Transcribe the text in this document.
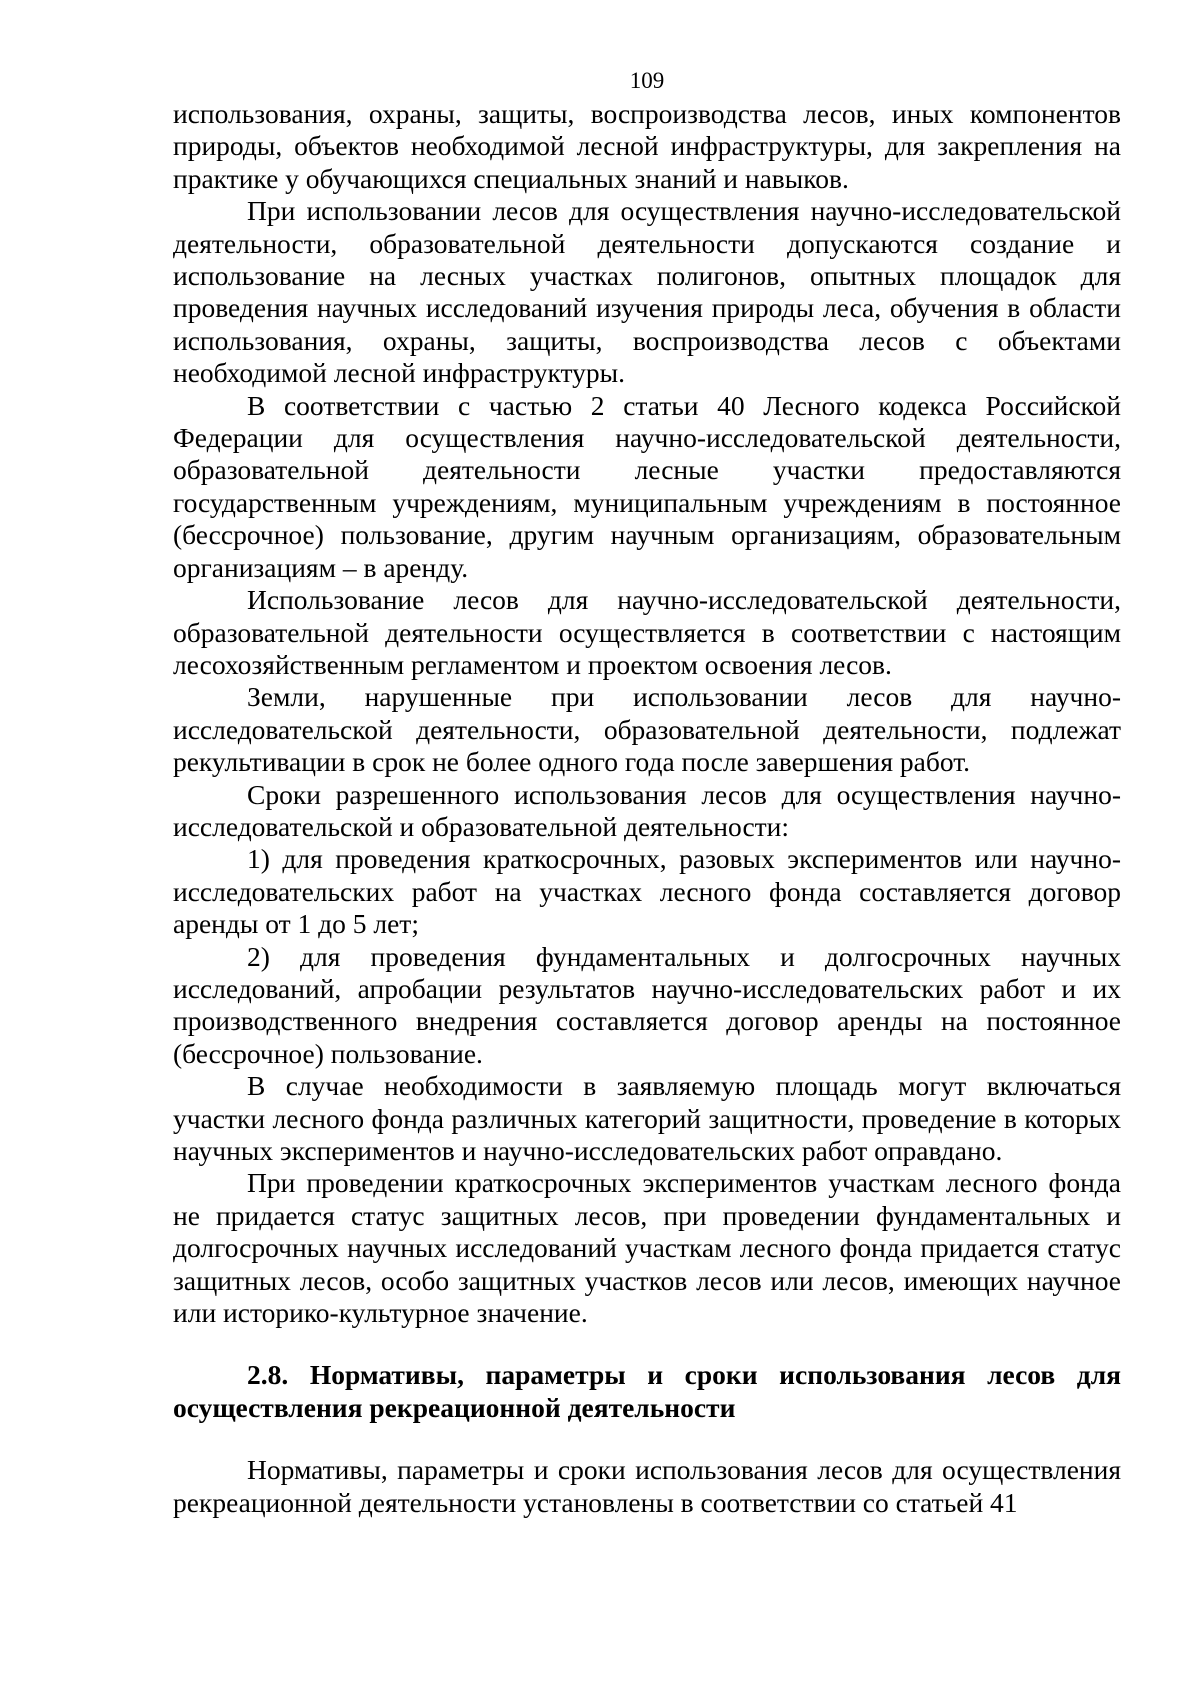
109

использования, охраны, защиты, воспроизводства лесов, иных компонентов природы, объектов необходимой лесной инфраструктуры, для закрепления на практике у обучающихся специальных знаний и навыков.

При использовании лесов для осуществления научно-исследовательской деятельности, образовательной деятельности допускаются создание и использование на лесных участках полигонов, опытных площадок для проведения научных исследований изучения природы леса, обучения в области использования, охраны, защиты, воспроизводства лесов с объектами необходимой лесной инфраструктуры.

В соответствии с частью 2 статьи 40 Лесного кодекса Российской Федерации для осуществления научно-исследовательской деятельности, образовательной деятельности лесные участки предоставляются государственным учреждениям, муниципальным учреждениям в постоянное (бессрочное) пользование, другим научным организациям, образовательным организациям – в аренду.

Использование лесов для научно-исследовательской деятельности, образовательной деятельности осуществляется в соответствии с настоящим лесохозяйственным регламентом и проектом освоения лесов.

Земли, нарушенные при использовании лесов для научно-исследовательской деятельности, образовательной деятельности, подлежат рекультивации в срок не более одного года после завершения работ.

Сроки разрешенного использования лесов для осуществления научно-исследовательской и образовательной деятельности:

1) для проведения краткосрочных, разовых экспериментов или научно-исследовательских работ на участках лесного фонда составляется договор аренды от 1 до 5 лет;

2) для проведения фундаментальных и долгосрочных научных исследований, апробации результатов научно-исследовательских работ и их производственного внедрения составляется договор аренды на постоянное (бессрочное) пользование.

В случае необходимости в заявляемую площадь могут включаться участки лесного фонда различных категорий защитности, проведение в которых научных экспериментов и научно-исследовательских работ оправдано.

При проведении краткосрочных экспериментов участкам лесного фонда не придается статус защитных лесов, при проведении фундаментальных и долгосрочных научных исследований участкам лесного фонда придается статус защитных лесов, особо защитных участков лесов или лесов, имеющих научное или историко-культурное значение.

2.8. Нормативы, параметры и сроки использования лесов для осуществления рекреационной деятельности

Нормативы, параметры и сроки использования лесов для осуществления рекреационной деятельности установлены в соответствии со статьей 41
